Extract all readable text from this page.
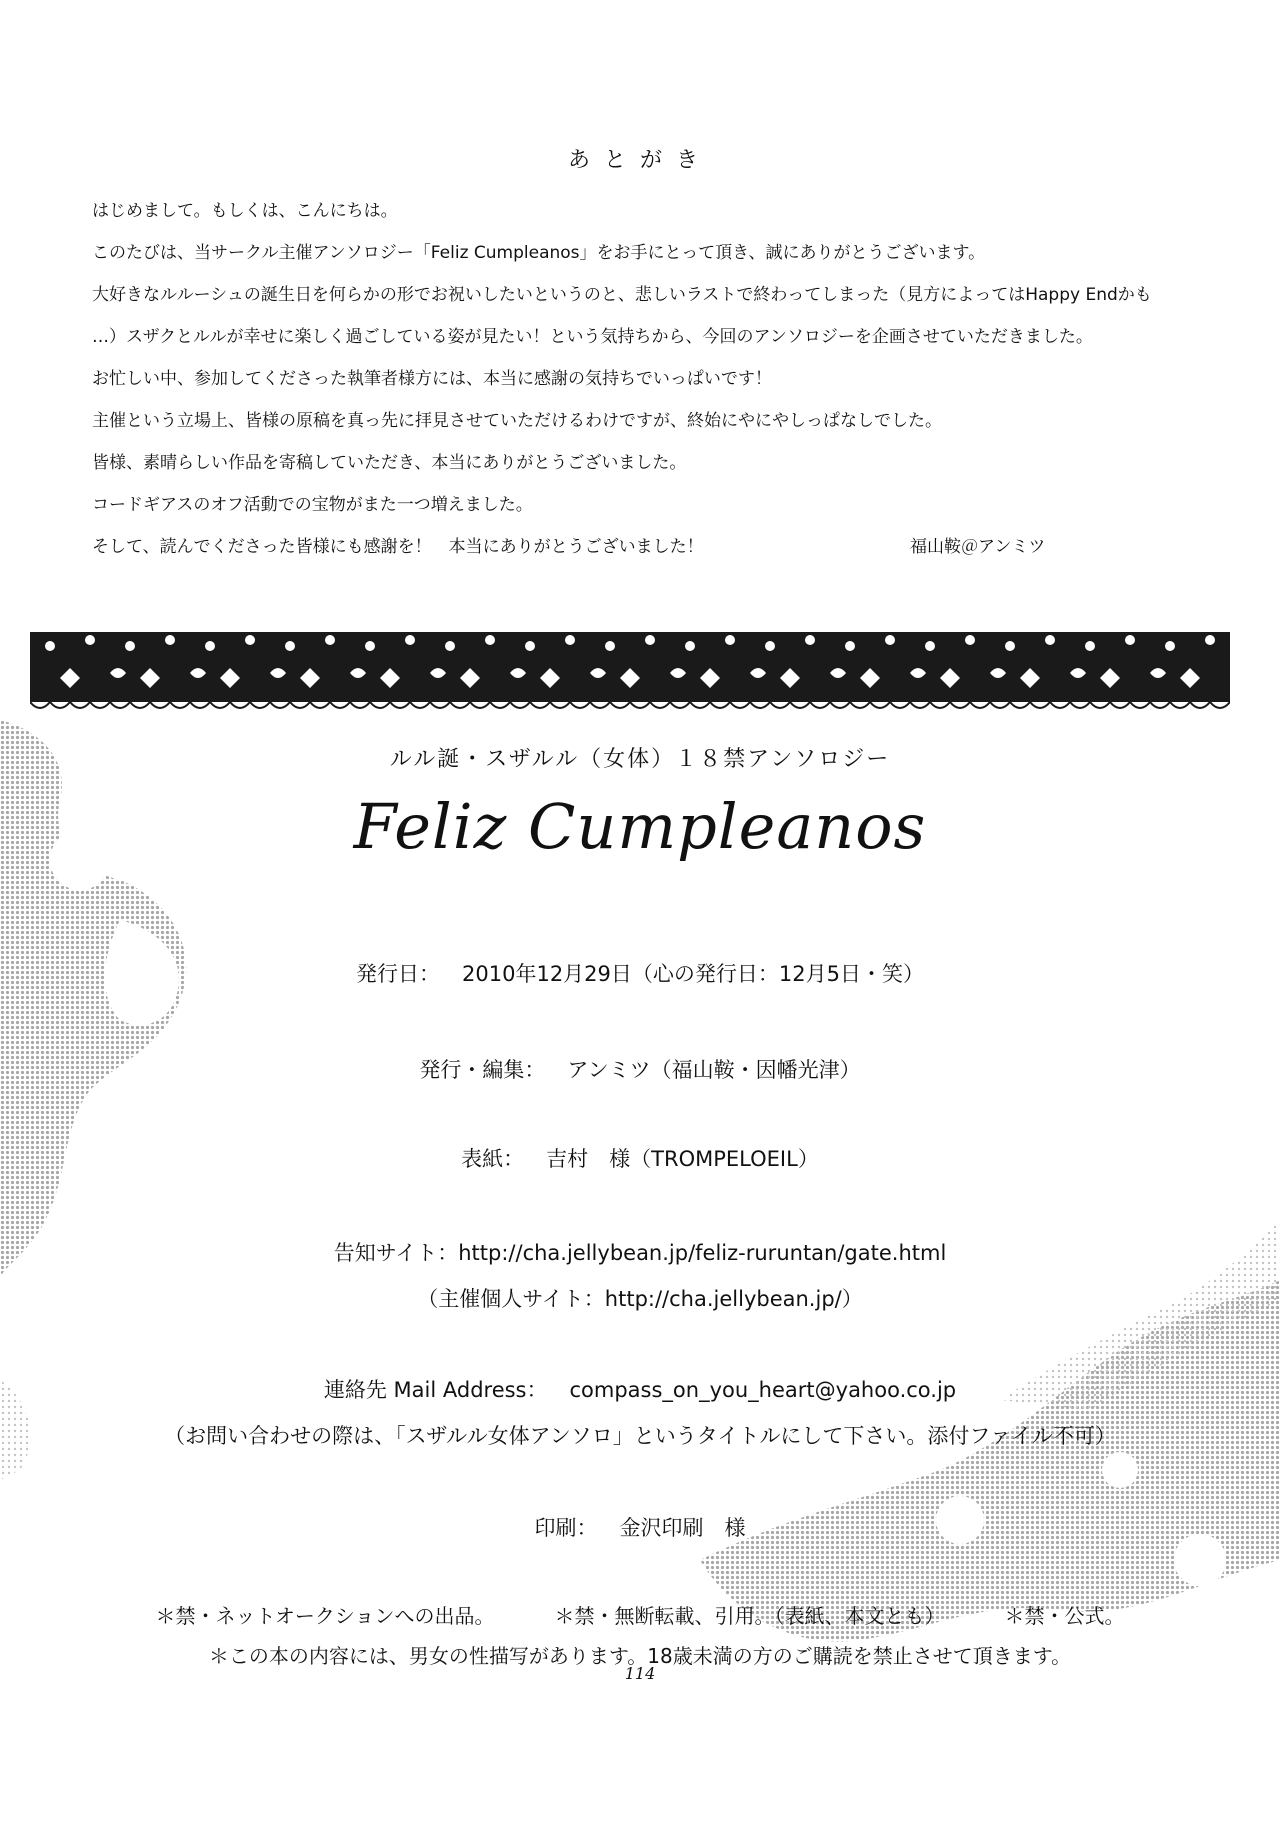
あとがき
はじめまして。もしくは、こんにちは。
このたびは、当サークル主催アンソロジー「Feliz Cumpleanos」をお手にとって頂き、誠にありがとうございます。
大好きなルルーシュの誕生日を何らかの形でお祝いしたいというのと、悲しいラストで終わってしまった（見方によってはHappy Endかも
…）スザクとルルが幸せに楽しく過ごしている姿が見たい！という気持ちから、今回のアンソロジーを企画させていただきました。
お忙しい中、参加してくださった執筆者様方には、本当に感謝の気持ちでいっぱいです！
主催という立場上、皆様の原稿を真っ先に拝見させていただけるわけですが、終始にやにやしっぱなしでした。
皆様、素晴らしい作品を寄稿していただき、本当にありがとうございました。
コードギアスのオフ活動での宝物がまた一つ増えました。
そして、読んでくださった皆様にも感謝を！　本当にありがとうございました！	福山鞍＠アンミツ
ルル誕・スザルル（女体）１８禁アンソロジー
Feliz Cumpleanos
発行日： 2010年12月29日（心の発行日：12月5日・笑）
発行・編集： アンミツ（福山鞍・因幡光津）
表紙： 吉村　様（TROMPELOEIL）
告知サイト：http://cha.jellybean.jp/feliz-ruruntan/gate.html
（主催個人サイト：http://cha.jellybean.jp/）
連絡先 Mail Address： compass_on_you_heart@yahoo.co.jp
（お問い合わせの際は、「スザルル女体アンソロ」というタイトルにして下さい。添付ファイル不可）
印刷： 金沢印刷　様
＊禁・ネットオークションへの出品。	＊禁・無断転載、引用。（表紙、本文とも）	＊禁・公式。
＊この本の内容には、男女の性描写があります。18歳未満の方のご購読を禁止させて頂きます。
114
